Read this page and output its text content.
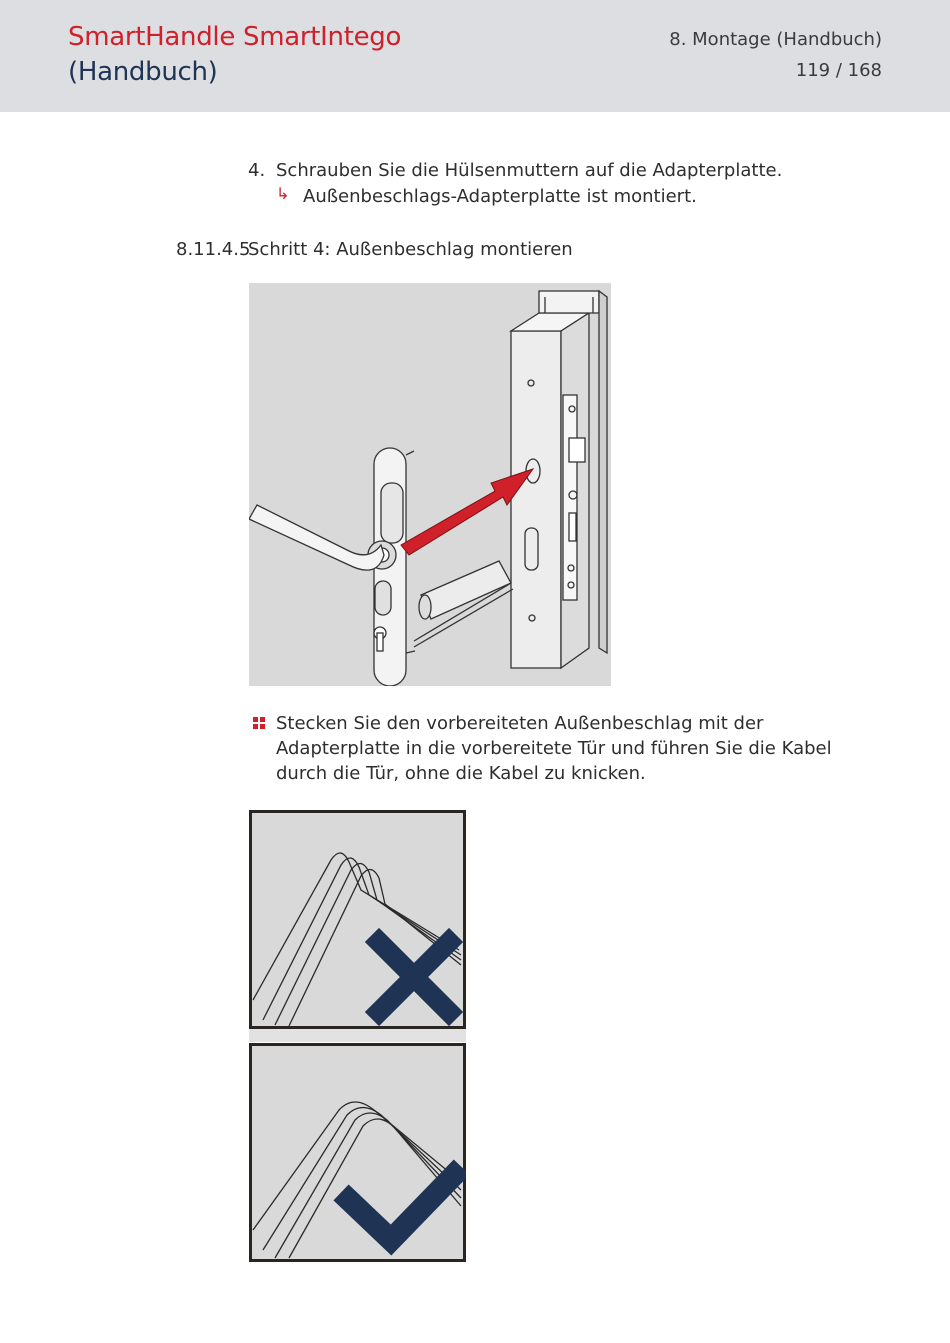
SmartHandle SmartIntego
(Handbuch)
8. Montage (Handbuch)
119 / 168
4. Schrauben Sie die Hülsenmuttern auf die Adapterplatte.
↳ Außenbeschlags-Adapterplatte ist montiert.
8.11.4.5
Schritt 4: Außenbeschlag montieren
Stecken Sie den vorbereiteten Außenbeschlag mit der Adapterplatte in die vorbereitete Tür und führen Sie die Kabel durch die Tür, ohne die Kabel zu knicken.
